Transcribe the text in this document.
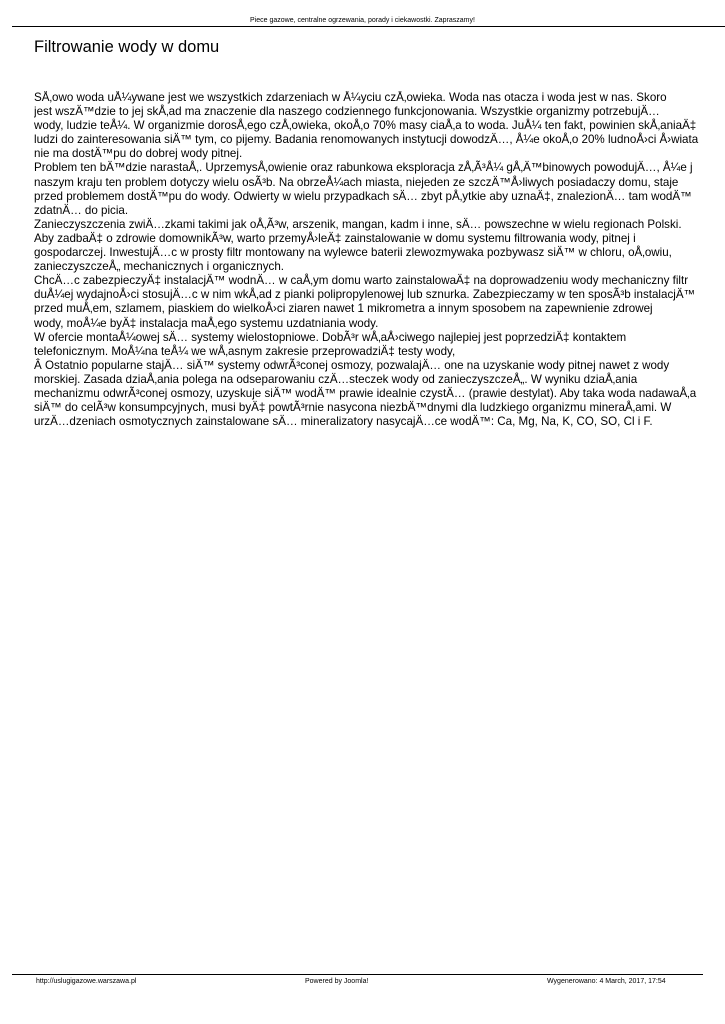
Piece gazowe, centralne ogrzewania, porady i ciekawostki. Zapraszamy!
Filtrowanie wody w domu

SÅ‚owo woda uÅ¼ywane jest we wszystkich zdarzeniach w Å¼yciu czÅ‚owieka. Woda nas otacza i woda jest w nas. Skoro

jest wszÄ™dzie to jej skÅ‚ad ma znaczenie dla naszego codziennego funkcjonowania. Wszystkie organizmy potrzebujÄ…

wody, ludzie teÅ¼. W organizmie dorosÅ‚ego czÅ‚owieka, okoÅ‚o 70% masy ciaÅ‚a to woda. JuÅ¼ ten fakt, powinien skÅ‚aniaÄ‡

ludzi do zainteresowania siÄ™ tym, co pijemy. Badania renomowanych instytucji dowodzÄ…, Å¼e okoÅ‚o 20% ludnoÅ›ci Å›wiata

nie ma dostÄ™pu do dobrej wody pitnej.

Problem ten bÄ™dzie narastaÅ‚. UprzemysÅ‚owienie oraz rabunkowa eksploracja zÅ‚Ã³Å¼ gÅ‚Ä™binowych powodujÄ…, Å¼e j

naszym kraju ten problem dotyczy wielu osÃ³b. Na obrzeÅ¼ach miasta, niejeden ze szczÄ™Å›liwych posiadaczy domu, staje

przed problemem dostÄ™pu do wody. Odwierty w wielu przypadkach sÄ… zbyt pÅ‚ytkie aby uznaÄ‡, znalezionÄ… tam wodÄ™

zdatnÄ… do picia.

Zanieczyszczenia zwiÄ…zkami takimi jak oÅ‚Ã³w, arszenik, mangan, kadm i inne, sÄ… powszechne w wielu regionach Polski.

Aby zadbaÄ‡ o zdrowie domownikÃ³w, warto przemyÅ›leÄ‡ zainstalowanie w domu systemu filtrowania wody, pitnej i

gospodarczej. InwestujÄ…c w prosty filtr montowany na wylewce baterii zlewozmywaka pozbywasz siÄ™ w chloru, oÅ‚owiu,

zanieczyszczeÅ„ mechanicznych i organicznych.

ChcÄ…c zabezpieczyÄ‡ instalacjÄ™ wodnÄ… w caÅ‚ym domu warto zainstalowaÄ‡ na doprowadzeniu wody mechaniczny filtr

duÅ¼ej wydajnoÅ›ci stosujÄ…c w nim wkÅ‚ad z pianki polipropylenowej lub sznurka. Zabezpieczamy w ten sposÃ³b instalacjÄ™

przed muÅ‚em, szlamem, piaskiem do wielkoÅ›ci ziaren nawet 1 mikrometra a innym sposobem na zapewnienie zdrowej

wody, moÅ¼e byÄ‡ instalacja maÅ‚ego systemu uzdatniania wody.

W ofercie montaÅ¼owej sÄ… systemy wielostopniowe. DobÃ³r wÅ‚aÅ›ciwego najlepiej jest poprzedziÄ‡ kontaktem

telefonicznym. MoÅ¼na teÅ¼ we wÅ‚asnym zakresie przeprowadziÄ‡ testy wody,

Â Ostatnio popularne stajÄ… siÄ™ systemy odwrÃ³conej osmozy, pozwalajÄ… one na uzyskanie wody pitnej nawet z wody

morskiej. Zasada dziaÅ‚ania polega na odseparowaniu czÄ…steczek wody od zanieczyszczeÅ„. W wyniku dziaÅ‚ania

mechanizmu odwrÃ³conej osmozy, uzyskuje siÄ™ wodÄ™ prawie idealnie czystÄ… (prawie destylat). Aby taka woda nadawaÅ‚a

siÄ™ do celÃ³w konsumpcyjnych, musi byÄ‡ powtÃ³rnie nasycona niezbÄ™dnymi dla ludzkiego organizmu mineraÅ‚ami. W

urzÄ…dzeniach osmotycznych zainstalowane sÄ… mineralizatory nasycajÄ…ce wodÄ™: Ca, Mg, Na, K, CO, SO, Cl i F.

http://uslugigazowe.warszawa.pl	Powered by Joomla!	Wygenerowano: 4 March, 2017, 17:54
